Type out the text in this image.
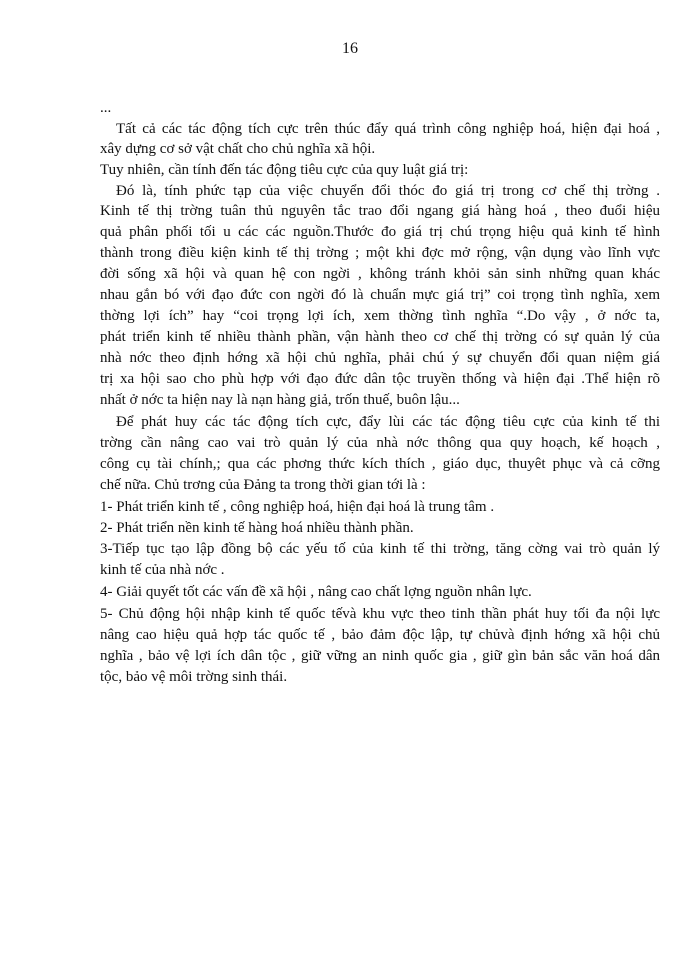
16
...
Tất cả các tác động tích cực trên thúc đẩy quá trình công nghiệp hoá, hiện đại hoá ,
xây dựng cơ sở vật chất cho chủ nghĩa xã hội.
Tuy nhiên, cần tính đến tác động tiêu cực của quy luật giá trị:
Đó là, tính phức tạp của việc chuyển đổi thóc đo giá trị trong cơ chế thị trờng .
Kinh tế thị trờng tuân thủ nguyên tắc trao đổi ngang giá hàng hoá , theo đuổi hiệu
quả phân phối tối u các các nguồn.Thước đo giá trị chú trọng hiệu quả kinh tế hình
thành trong điều kiện kinh tế thị trờng ; một khi đợc mở rộng, vận dụng vào lĩnh vực
đời sống xã hội và quan hệ con ngời , không tránh khỏi sản sinh những quan khác
nhau gắn bó với đạo đức con ngời đó là chuẩn mực giá trị” coi trọng tình nghĩa, xem
thờng lợi ích” hay “coi trọng lợi ích, xem thờng tình nghĩa “.Do vậy , ở nớc ta,
phát triển kinh tế nhiều thành phần, vận hành theo cơ chế thị trờng có sự quản lý của
nhà nớc theo định hớng xã hội chủ nghĩa, phải chú ý sự chuyển đổi quan niệm giá
trị xa hội sao cho phù hợp với đạo đức dân tộc truyền thống và hiện đại .Thể hiện rõ
nhất ở nớc ta hiện nay là nạn hàng giả, trốn thuế, buôn lậu...
Để phát huy các tác động tích cực, đẩy lùi các tác động tiêu cực của kinh tế thi
trờng cần nâng cao vai trò quản lý của nhà nớc thông qua quy hoạch, kế hoạch ,
công cụ tài chính,; qua các phơng thức kích thích , giáo dục, thuyêt phục và cả cỡng
chế nữa. Chủ trơng của Đảng ta trong thời gian tới là :
1- Phát triển kinh tế , công nghiệp hoá, hiện đại hoá là trung tâm .
2- Phát triển nền kinh tế hàng hoá nhiều thành phần.
3-Tiếp tục tạo lập đồng bộ các yếu tố của kinh tế thi trờng, tăng cờng vai trò quản lý
kinh tế của nhà nớc .
4- Giải quyết tốt các vấn đề xã hội , nâng cao chất lợng nguồn nhân lực.
5- Chủ động hội nhập kinh tế quốc tếvà khu vực theo tinh thần phát huy tối đa nội lực
nâng cao hiệu quả hợp tác quốc tế , bảo đảm độc lập, tự chủvà định hớng xã hội chủ
nghĩa , bảo vệ lợi ích dân tộc , giữ vững an ninh quốc gia , giữ gìn bản sắc văn hoá dân
tộc, bảo vệ môi trờng sinh thái.
